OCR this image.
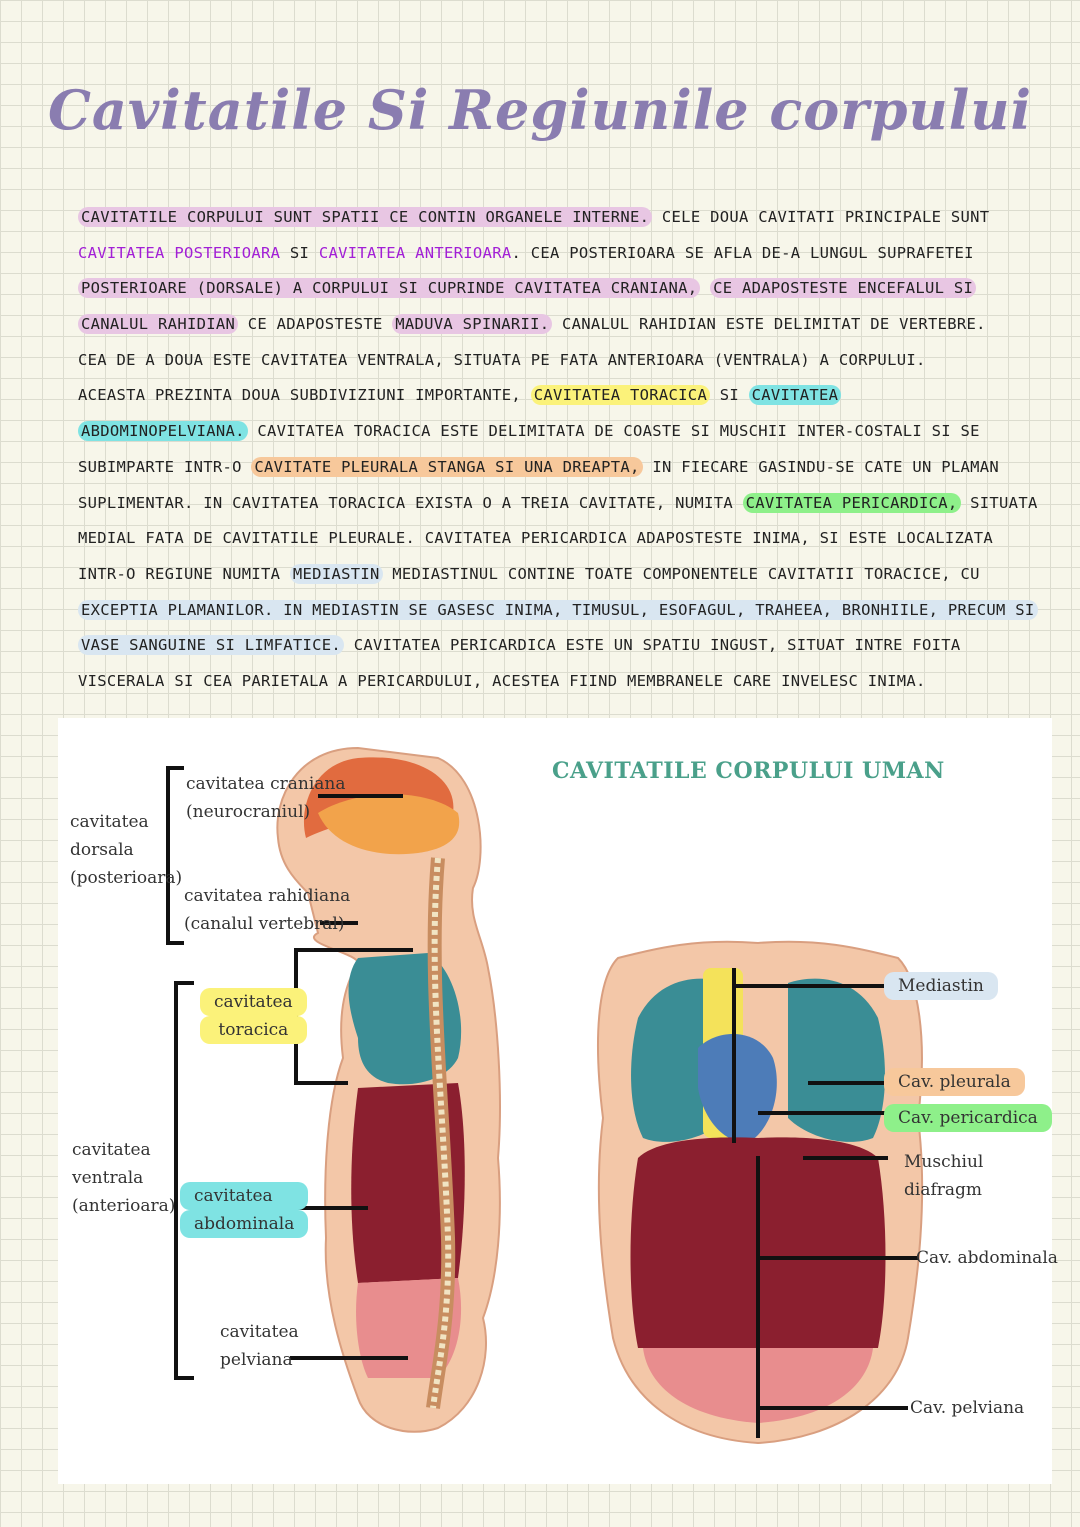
Cavitatile Si Regiunile corpului
CAVITATILE CORPULUI SUNT SPATII CE CONTIN ORGANELE INTERNE. CELE DOUA CAVITATI PRINCIPALE SUNT
CAVITATEA POSTERIOARA SI CAVITATEA ANTERIOARA. CEA POSTERIOARA SE AFLA DE-A LUNGUL SUPRAFETEI
POSTERIOARE (DORSALE) A CORPULUI SI CUPRINDE CAVITATEA CRANIANA, CE ADAPOSTESTE ENCEFALUL SI
CANALUL RAHIDIAN CE ADAPOSTESTE MADUVA SPINARII. CANALUL RAHIDIAN ESTE DELIMITAT DE VERTEBRE.
CEA DE A DOUA ESTE CAVITATEA VENTRALA, SITUATA PE FATA ANTERIOARA (VENTRALA) A CORPULUI.
ACEASTA PREZINTA DOUA SUBDIVIZIUNI IMPORTANTE, CAVITATEA TORACICA SI CAVITATEA
ABDOMINOPELVIANA. CAVITATEA TORACICA ESTE DELIMITATA DE COASTE SI MUSCHII INTER-COSTALI SI SE
SUBIMPARTE INTR-O CAVITATE PLEURALA STANGA SI UNA DREAPTA, IN FIECARE GASINDU-SE CATE UN PLAMAN
SUPLIMENTAR. IN CAVITATEA TORACICA EXISTA O A TREIA CAVITATE, NUMITA CAVITATEA PERICARDICA, SITUATA
MEDIAL FATA DE CAVITATILE PLEURALE. CAVITATEA PERICARDICA ADAPOSTESTE INIMA, SI ESTE LOCALIZATA
INTR-O REGIUNE NUMITA MEDIASTIN MEDIASTINUL CONTINE TOATE COMPONENTELE CAVITATII TORACICE, CU
EXCEPTIA PLAMANILOR. IN MEDIASTIN SE GASESC INIMA, TIMUSUL, ESOFAGUL, TRAHEEA, BRONHIILE, PRECUM SI
VASE SANGUINE SI LIMFATICE. CAVITATEA PERICARDICA ESTE UN SPATIU INGUST, SITUAT INTRE FOITA
VISCERALA SI CEA PARIETALA A PERICARDULUI, ACESTEA FIIND MEMBRANELE CARE INVELESC INIMA.
CAVITATILE CORPULUI UMAN
cavitatea
dorsala
(posterioara)
cavitatea craniana
(neurocraniul)
cavitatea rahidiana
(canalul vertebral)
cavitatea
toracica
cavitatea
ventrala
(anterioara)	cavitatea
abdominala
cavitatea
pelviana
Mediastin
Cav. pleurala
Cav. pericardica
Muschiul
diafragm
Cav. abdominala
Cav. pelviana
